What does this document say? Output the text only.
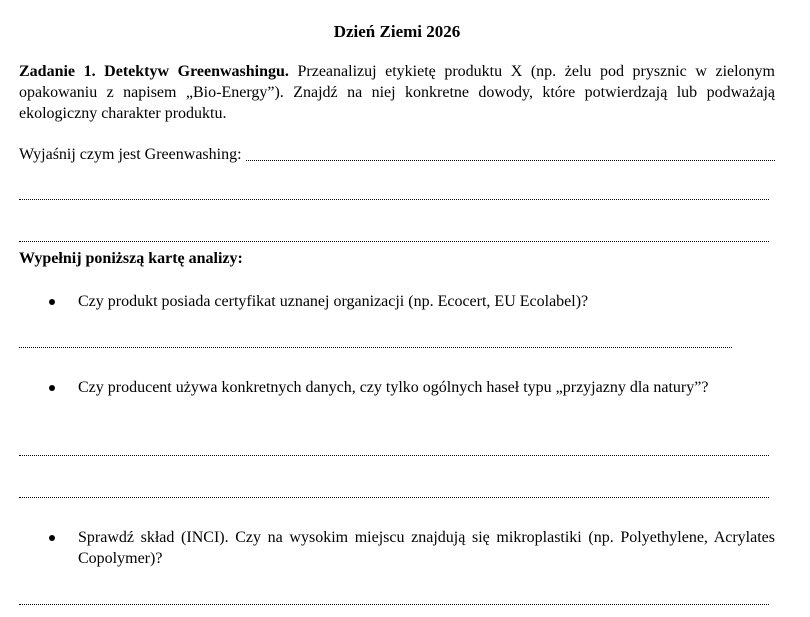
Dzień Ziemi 2026
Zadanie 1. Detektyw Greenwashingu. Przeanalizuj etykietę produktu X (np. żelu pod prysznic w zielonym opakowaniu z napisem „Bio-Energy”). Znajdź na niej konkretne dowody, które potwierdzają lub podważają ekologiczny charakter produktu.
Wyjaśnij czym jest Greenwashing:
Wypełnij poniższą kartę analizy:
Czy produkt posiada certyfikat uznanej organizacji (np. Ecocert, EU Ecolabel)?
Czy producent używa konkretnych danych, czy tylko ogólnych haseł typu „przyjazny dla natury”?
Sprawdź skład (INCI). Czy na wysokim miejscu znajdują się mikroplastiki (np. Polyethylene, Acrylates Copolymer)?
